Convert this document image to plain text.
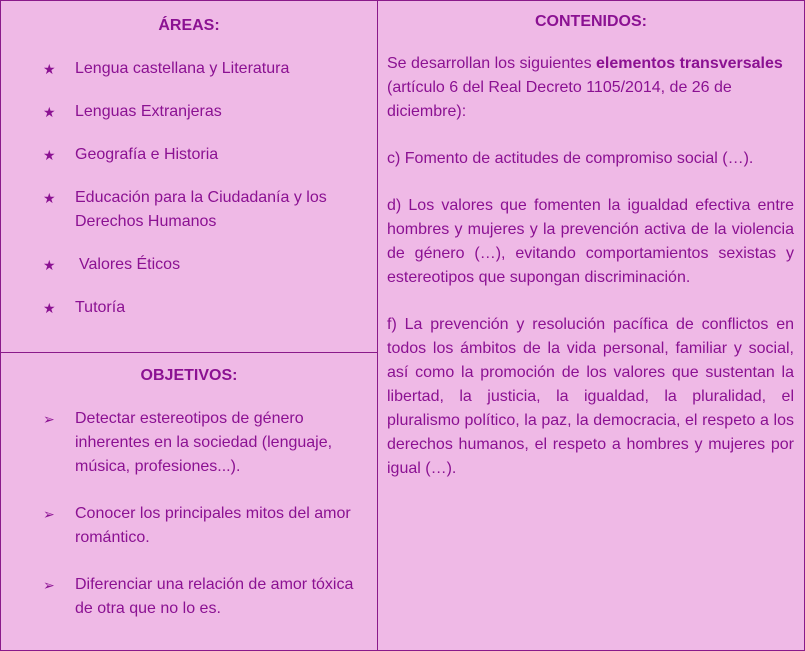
ÁREAS:
★	Lengua castellana y Literatura
★	Lenguas Extranjeras
★	Geografía e Historia
★	Educación para la Ciudadanía y los Derechos Humanos
★	Valores Éticos
★	Tutoría
OBJETIVOS:
➢	Detectar estereotipos de género inherentes en la sociedad (lenguaje, música, profesiones...).
➢	Conocer los principales mitos del amor romántico.
➢	Diferenciar una relación de amor tóxica de otra que no lo es.
CONTENIDOS:

Se desarrollan los siguientes elementos transversales (artículo 6 del Real Decreto 1105/2014, de 26 de diciembre):

c) Fomento de actitudes de compromiso social (…).

d) Los valores que fomenten la igualdad efectiva entre hombres y mujeres y la prevención activa de la violencia de género (…), evitando comportamientos sexistas y estereotipos que supongan discriminación.

f) La prevención y resolución pacífica de conflictos en todos los ámbitos de la vida personal, familiar y social, así como la promoción de los valores que sustentan la libertad, la justicia, la igualdad, la pluralidad, el pluralismo político, la paz, la democracia, el respeto a los derechos humanos, el respeto a hombres y mujeres por igual (…).
